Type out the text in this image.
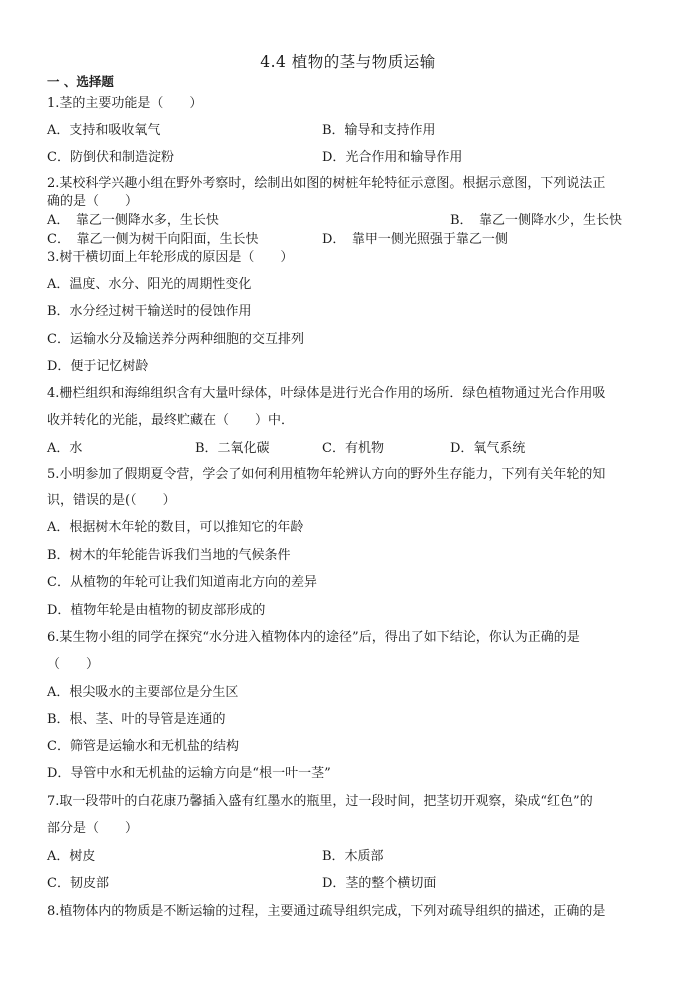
4.4 植物的茎与物质运输
一 、选择题
1.茎的主要功能是（　　）
A．支持和吸收氧气	B．输导和支持作用
C．防倒伏和制造淀粉	D．光合作用和输导作用
2.某校科学兴趣小组在野外考察时，绘制出如图的树桩年轮特征示意图。根据示意图，下列说法正
确的是（　　）
A．　靠乙一侧降水多，生长快	B．　靠乙一侧降水少，生长快
C．　靠乙一侧为树干向阳面，生长快	D．　靠甲一侧光照强于靠乙一侧
3.树干横切面上年轮形成的原因是（　　）
A．温度、水分、阳光的周期性变化
B．水分经过树干输送时的侵蚀作用
C．运输水分及输送养分两种细胞的交互排列
D．便于记忆树龄
4.栅栏组织和海绵组织含有大量叶绿体，叶绿体是进行光合作用的场所．绿色植物通过光合作用吸
收并转化的光能，最终贮藏在（　　）中．
A．水	B．二氧化碳	C．有机物	D．氧气系统
5.小明参加了假期夏令营，学会了如何利用植物年轮辨认方向的野外生存能力，下列有关年轮的知
识，错误的是(（　　）
A．根据树木年轮的数目，可以推知它的年龄
B．树木的年轮能告诉我们当地的气候条件
C．从植物的年轮可让我们知道南北方向的差异
D．植物年轮是由植物的韧皮部形成的
6.某生物小组的同学在探究“水分进入植物体内的途径”后，得出了如下结论，你认为正确的是
（　　）
A．根尖吸水的主要部位是分生区
B．根、茎、叶的导管是连通的
C．筛管是运输水和无机盐的结构
D．导管中水和无机盐的运输方向是“根一叶一茎”
7.取一段带叶的白花康乃馨插入盛有红墨水的瓶里，过一段时间，把茎切开观察，染成“红色”的
部分是（　　）
A．树皮	B．木质部
C．韧皮部	D．茎的整个横切面
8.植物体内的物质是不断运输的过程，主要通过疏导组织完成，下列对疏导组织的描述，正确的是
